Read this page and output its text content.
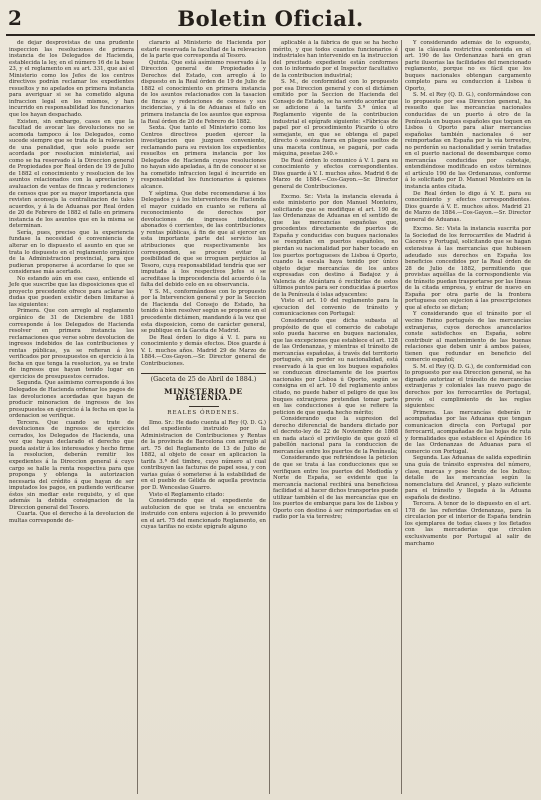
2	Boletin Oficial.

de dejar desprovistas de una prudente inspeccion las resoluciones de primera instancia de los Delegados de Hacienda, establecida la ley, en el número 16 de la base 23, y el reglamento en su art. 331, que así el Ministerio como los Jefes de los centros directivos podrán reclamar los expedientes resueltos y no apelados en primera instancia para averiguar si se ha cometido alguna infraccion legal en los mismos, y han incurrido en responsabilidad los funcionarios que los hayan despachado.

Existen, sin embargo, casos en que la facultad de avocar las devoluciones no se acomoda tampoco á los Delegados, como sucede siempre que se trata de la relevacion de una penalidad, que solo puede ser acordada por resolucion ministerial, así como se ha reservado á la Direccion general de Propiedades por Real órden de 19 de Julio de 1882 el conocimiento y resolucion de los asuntos relacionados con la apreciacion y avaluacion de ventas de fincas y redenciones de censos que por su mayor importancia que revisten aconseja la centralizacion de tales acuerdos, y á la de Aduanas por Real órden de 20 de Febrero de 1882 el fallo en primera instancia de los asuntos que en la misma se determinan.

Sería, pues, preciso que la experiencia fundase la necesidad ó conveniencia de alterar en lo dispuesto el asunto en que se trata lo dispuesto en el reglamento orgánico de la Administracion provincial, para que pudieran proponerse á acordarse lo que se considerase más acertado.

No estando aún en ese caso, entiende el Jefe que suscribe que las disposiciones que el proyecto precedente ofrece para aclarar las dudas que pueden existir deben limitarse á las siguientes:

Primera. Que con arreglo al reglamento orgánico de 31 de Diciembre de 1881 corresponde á los Delegados de Hacienda resolver en primera instancia las reclamaciones que verse sobre devolucion de ingresos indebidos de las contribuciones y rentas públicas, ya se refieran á los verificados por presupuestos en ejercicio á la fecha en que tenga la resolucion, ya se trate de ingresos que hayan tenido lugar en ejercicios de presupuestos cerrados.

Segunda. Que asímismo corresponde á los Delegados de Hacienda ordenar los pagos de las devoluciones acordadas que hayan de producir minoracion de ingresos de los presupuestos en ejercicio á la fecha en que la ordenacion se verifique.

Tercera. Que cuando se trate de devoluciones de ingresos de ejercicios cerrados, los Delegados de Hacienda, una vez que hayan declarado el derecho que pueda asistir á los interesados y hecho firme la resolucion, deberán remitir los expedientes á la Direccion general á cuyo cargo se halle la renta respectiva para que proponga y obtenga la autorizacion necesaria del crédito á que hayan de ser imputados los pagos, en pudiendo verificarse éstos sin mediar este requisito, y el que además la debida consignacion de la Direccion general del Tesoro.

Cuarta. Que el derecho á la devolucion de multas corresponde de-

clarario al Ministerio de Hacienda por estarle reservada la facultad de la relevacion de la parte que corresponda al Tesoro.

Quinta. Que está asímismo reservado á la Direccion general de Propiedades y Derechos del Estado, con arreglo á lo dispuesto en la Real órden de 19 de Julio de 1882 el conocimiento en primera instancia de los asuntos relacionados con la tasacion de fincas y redenciones de censos y sus incidencias, y á la de Aduanas el fallo en primera instancia de los asuntos que expresa la Real órden de 20 de Febrero de 1882.

Sexta. Que tanto el Ministerio como los Centros directivos pueden ejercer la investigacion que juzguen conveniente, reclamando para su revision los expedientes resueltos en primera instancia por los Delegados de Hacienda cuyas resoluciones no hayan sido apeladas, á fin de conocer si se ha cometido infraccion legal é incurrido en responsabilidad los funcionarios á quienes alcance.

Y séptima. Que debe recomendarse á los Delegados y á los Interventores de Hacienda el mayor cuidado en cuanto se refiera al reconocimiento de derechos por devoluciones de ingresos indebidos, abonados ó corrientes, de las contribuciones y rentas públicas, á fin de que al ejercer en esta importante parte del servicio las atribuciones que respectivamente les corresponden, se procure evitar la posibilidad de que se irroguen perjuicios al Tesoro, cuya responsabilidad tendría que ser imputada á los respectivos Jefes si se acreditase la improcedencia del acuerdo ó la falta del debido celo en su observancia.

Y S. M., conformándose con lo propuesto por la Intervencion general y por la Seccion de Hacienda del Consejo de Estado, ha tenido á bien resolver según se propone en el precedente dictámen, mandando á la vez que esta disposicion, como de carácter general, se publique en la Gaceta de Madrid.

De Real órden lo digo á V. I. para su conocimiento y demás efectos. Dios guarde á V. I. muchos años. Madrid 29 de Marzo de 1884.—Cos-Gayon.—Sr. Director general de Contribuciones.

(Gaceta de 25 de Abril de 1884.)
MINISTERIO DE HACIENDA.
REALES ÓRDENES.

Ilmo. Sr.: He dado cuenta al Rey (Q. D. G.) del expediente instruido por la Administracion de Contribuciones y Rentas de la provincia de Barcelona con arreglo al art. 75 del Reglamento de 13 de Julio de 1882, al objeto de cesar en aplicacion la tarifa 3.ª del timbre, cuyo número al cual contribuyen las facturas de papel sosa, y con varias guías ó someterse á la estabilidad de en el pueblo de Gélida de aquella provincia por D. Wenceslao Guarro.

Visto el Reglamento citado:

Considerando que el expediente de autolucion de que se trata se encuentra instruido con entera sujecion á lo prevenido en el art. 75 del mencionado Reglamento, en cuyas tarifas no existe epígrafe alguno

aplicable á la fábrica de que se ha hecho mérito, y que todos cuantos funcionarios é industriales han intervenido en la instruccion del precitado expediente están conformes con lo informado por el Inspector facultativo de la contribucion industrial;

S. M., de conformidad con lo propuesto por esa Direccion general y con el dictámen emitido por la Seccion de Hacienda del Consejo de Estado, se ha servido acordar que se adicione á la tarifa 3.ª única al Reglamento vigente de la contribucion industrial el epígrafe siguiente: «Fábricas de papel por el procedimiento Picardo ú otro semejante, en que se obtenga el papel directo ó sosiéza fuera en pliegos sueltos de una maceta continua, se pagará, por cada máquina, pesetas 240.»

De Real órden lo comunico á V. I. para su conocimiento y efectos correspondientes. Dios guarde á V. I. muchos años. Madrid 6 de Marzo de 1884.—Cos-Gayon.—Sr. Director general de Contribuciones.

Excmo. Sr.: Vista la instancia elevada á este ministerio por don Manuel Monteiro, solicitando que se modifique el art. 190 de las Ordenanzas de Aduanas en el sentido de que las mercancías españolas que, procedentes directamente de puertos de España y conducidas con buques nacionales se reexpidan en puertos españoles, no pierdan su nacionalidad por haber tocado en los puertos portugueses de Lisboa ú Oporto, cuando la escala haya tenido por único objeto dejar mercancías de los antes expresadas con destino á Badajoz y á Valencia de Alcántara ó recibirlas de estos últimos puntos para ser conducidas á puertos de la Península é islas adyacentes:

Visto el art. 10 del reglamento para la ejecucion del convenio de tránsito y comunicaciones con Portugal:

Considerando que dicha subasta al propósito de que el comercio de cabotaje solo pueda hacerse en buques nacionales, que las excepciones que establece el art. 128 de las Ordenanzas, y mientras el tránsito de mercancías españolas, á través del territorio portugués, sin perder su nacionalidad, está reservado á la que en los buques españoles se conduzcan directamente de los puertos nacionales por Lisboa ú Oporto, según se consigna en el art. 10 del reglamento antes citado, no puede haber el peligro de que los buques extranjeros pretendan tomar parte en las conducciones á que se refiere la peticion de que queda hecho mérito;

Considerando que la supresion del derecho diferencial de bandera dictado por el decreto-ley de 22 de Noviembre de 1868 en nada atacó el privilegio de que gozó el pabellón nacional para la conduccion de mercancías entre los puertos de la Península;

Considerando que refiriéndose la peticion de que se trata á las conducciones que se verifiquen entre los puertos del Mediodía y Norte de España, se evidente que la mercancía nacional recibirá una beneficiosa facilidad si al hacer dichos transportes puede utilizar también el de las mercancías que en los puertos de embarque para los de Lisboa y Oporto con destino á ser reimportadas en el radio por la vía terrestre;

Y considerando además de lo expuesto, que la cláusula restrictiva contenida en el art. 190 de las Ordenanzas hará en gran parte ilusorias las facilidades del mencionado reglamento, porque no es fácil que los buques nacionales obtengan cargamento completo para su conduccion á Lisboa ú Oporto,

S. M. el Rey (Q. D. G.), conformándose con lo propuesto por esa Direccion general, ha resuelto que las mercancías nacionales conducidas de un puerto á otro de la Península en buques españoles que toquen en Lisboa ú Oporto para aliar mercancías españolas también nacionales ó ser reimportadas en España por la vía terrestre, no perderán su nacionalidad y serán tratadas en el puerto nacional de desembarque como mercancías conducidas por cabotaje, entendiéndose modificado en estos términos el artículo 190 de las Ordenanzas, conforme á lo solicitado por D. Manuel Monteiro en la instancia antes citada.

De Real órden lo digo á V. E. para su conocimiento y efectos correspondientes. Dios guarde á V. E. muchos años. Madrid 21 de Marzo de 1884.—Cos-Gayon.—Sr. Director general de Aduanas.

Excmo. Sr.: Vista la instancia suscrita por la Sociedad de los ferrocarriles de Madrid á Cáceres y Portugal, solicitando que se hagan extensivas á las mercancías que hubiesen adeudado sus derechos en España los beneficios concedidos por la Real órden de 28 de Julio de 1882, permitiendo que provistas aquéllas de la correspondiente vía de tránsito puedan trasportarse por las líneas de la citada empresa, y entrar de nuevo en España por otra parte de la frontera portuguesa con sujecion á las prescripciones que al efecto se dictan;

Y considerando que el tránsito por el vecino Reino portugués de las mercancías extranjeras, cuyos derechos arancelarios conste satisfechos en España, sobre contribuir al mantenimiento de las buenas relaciones que deben unir á ambos países, tienen que redundar en beneficio del comercio español;

S. M. el Rey (Q. D. G.), de conformidad con lo propuesto por esa Direccion general, se ha dignado autorizar el tránsito de mercancías extranjeras y coloniales las nuevo pago de derechos por los ferrocarriles de Portugal, previo el cumplimiento de las reglas siguientes:

Primera. Las mercancías deberán ir acompañadas por las Aduanas que tengan comunicacion directa con Portugal por ferrocarril, acompañadas de las hojas de ruta y formalidades que establece el Apéndice 16 de las Ordenanzas de Aduanas para el comercio con Portugal.

Segunda. Las Aduanas de salida expedirán una guía de tránsito expresiva del número, clase, marcas y peso bruto de los bultos; detalle de las mercancías según la nomenclatura del Arancel, y plazo suficiente para el tránsito y llegada á la Aduana española de destino.

Tercera. A tenor de lo dispuesto en el art. 178 de las referidas Ordenanzas, para la circulacion por el interior de España tendrán los ejemplares de todas clases y los fletados con las mercaderías que circulen exclusivamente por Portugal al salir de marchamo
